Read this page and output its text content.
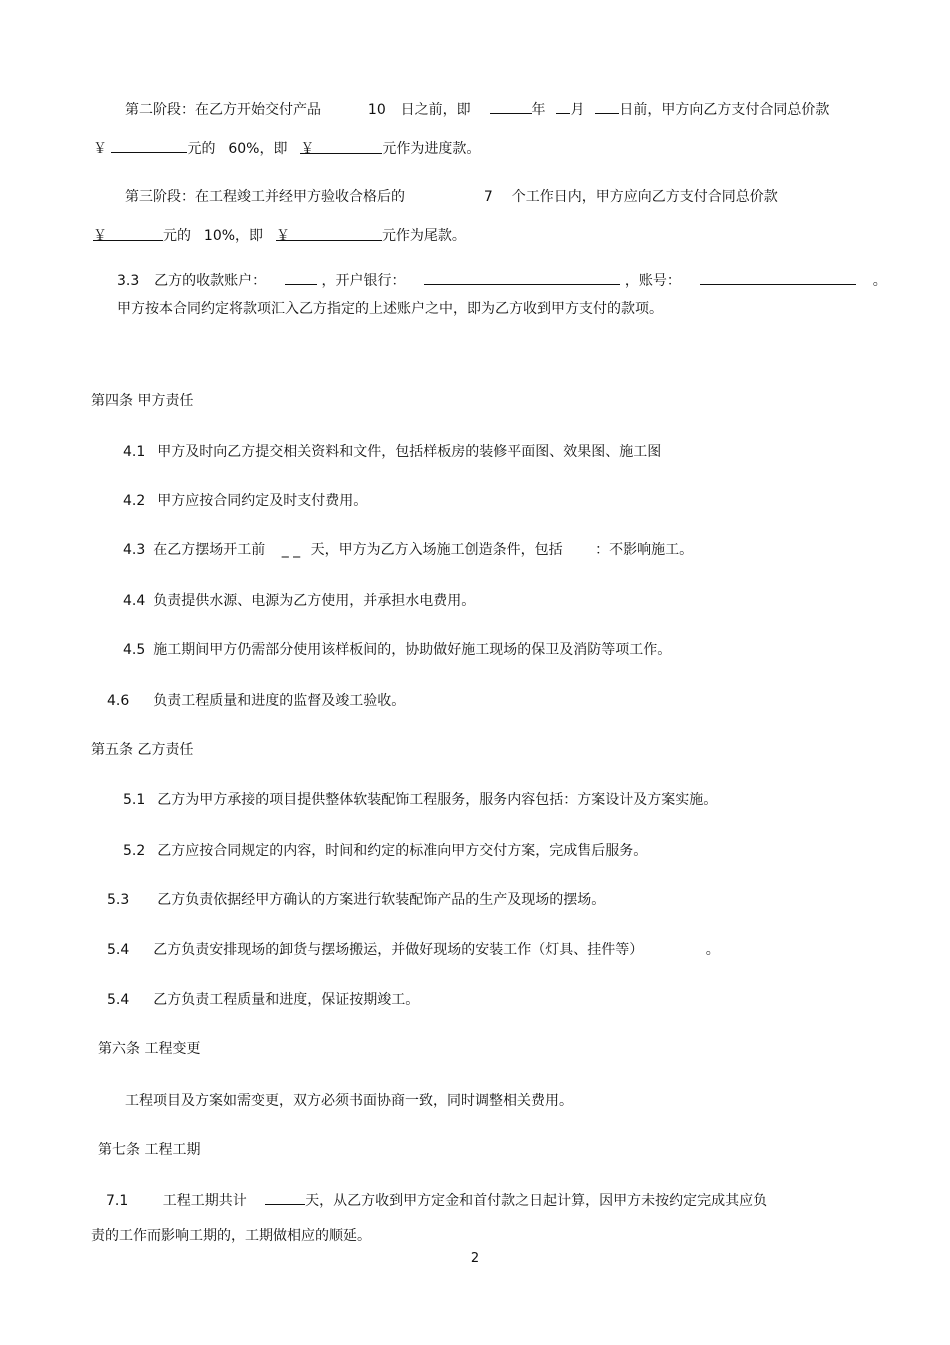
第二阶段：在乙方开始交付产品	10 日之前，即	年 月 日前，甲方向乙方支付合同总价款
￥	元的 60%，即 ￥	元作为进度款。
第三阶段：在工程竣工并经甲方验收合格后的	7 个工作日内，甲方应向乙方支付合同总价款
￥	元的 10%，即 ￥	元作为尾款。
3.3 乙方的收款账户：	，开户银行：	，账号：	。
甲方按本合同约定将款项汇入乙方指定的上述账户之中，即为乙方收到甲方支付的款项。
第四条 甲方责任
4.1 甲方及时向乙方提交相关资料和文件，包括样板房的装修平面图、效果图、施工图
4.2 甲方应按合同约定及时支付费用。
4.3 在乙方摆场开工前 _ _ 天，甲方为乙方入场施工创造条件，包括 ：不影响施工。
4.4 负责提供水源、电源为乙方使用，并承担水电费用。
4.5 施工期间甲方仍需部分使用该样板间的，协助做好施工现场的保卫及消防等项工作。
4.6 负责工程质量和进度的监督及竣工验收。
第五条 乙方责任
5.1 乙方为甲方承接的项目提供整体软装配饰工程服务，服务内容包括：方案设计及方案实施。
5.2 乙方应按合同规定的内容，时间和约定的标准向甲方交付方案，完成售后服务。
5.3 乙方负责依据经甲方确认的方案进行软装配饰产品的生产及现场的摆场。
5.4 乙方负责安排现场的卸货与摆场搬运，并做好现场的安装工作（灯具、挂件等）	。
5.4 乙方负责工程质量和进度，保证按期竣工。
第六条 工程变更
工程项目及方案如需变更，双方必须书面协商一致，同时调整相关费用。
第七条 工程工期
7.1 工程工期共计	天，从乙方收到甲方定金和首付款之日起计算，因甲方未按约定完成其应负
责的工作而影响工期的，工期做相应的顺延。
2
